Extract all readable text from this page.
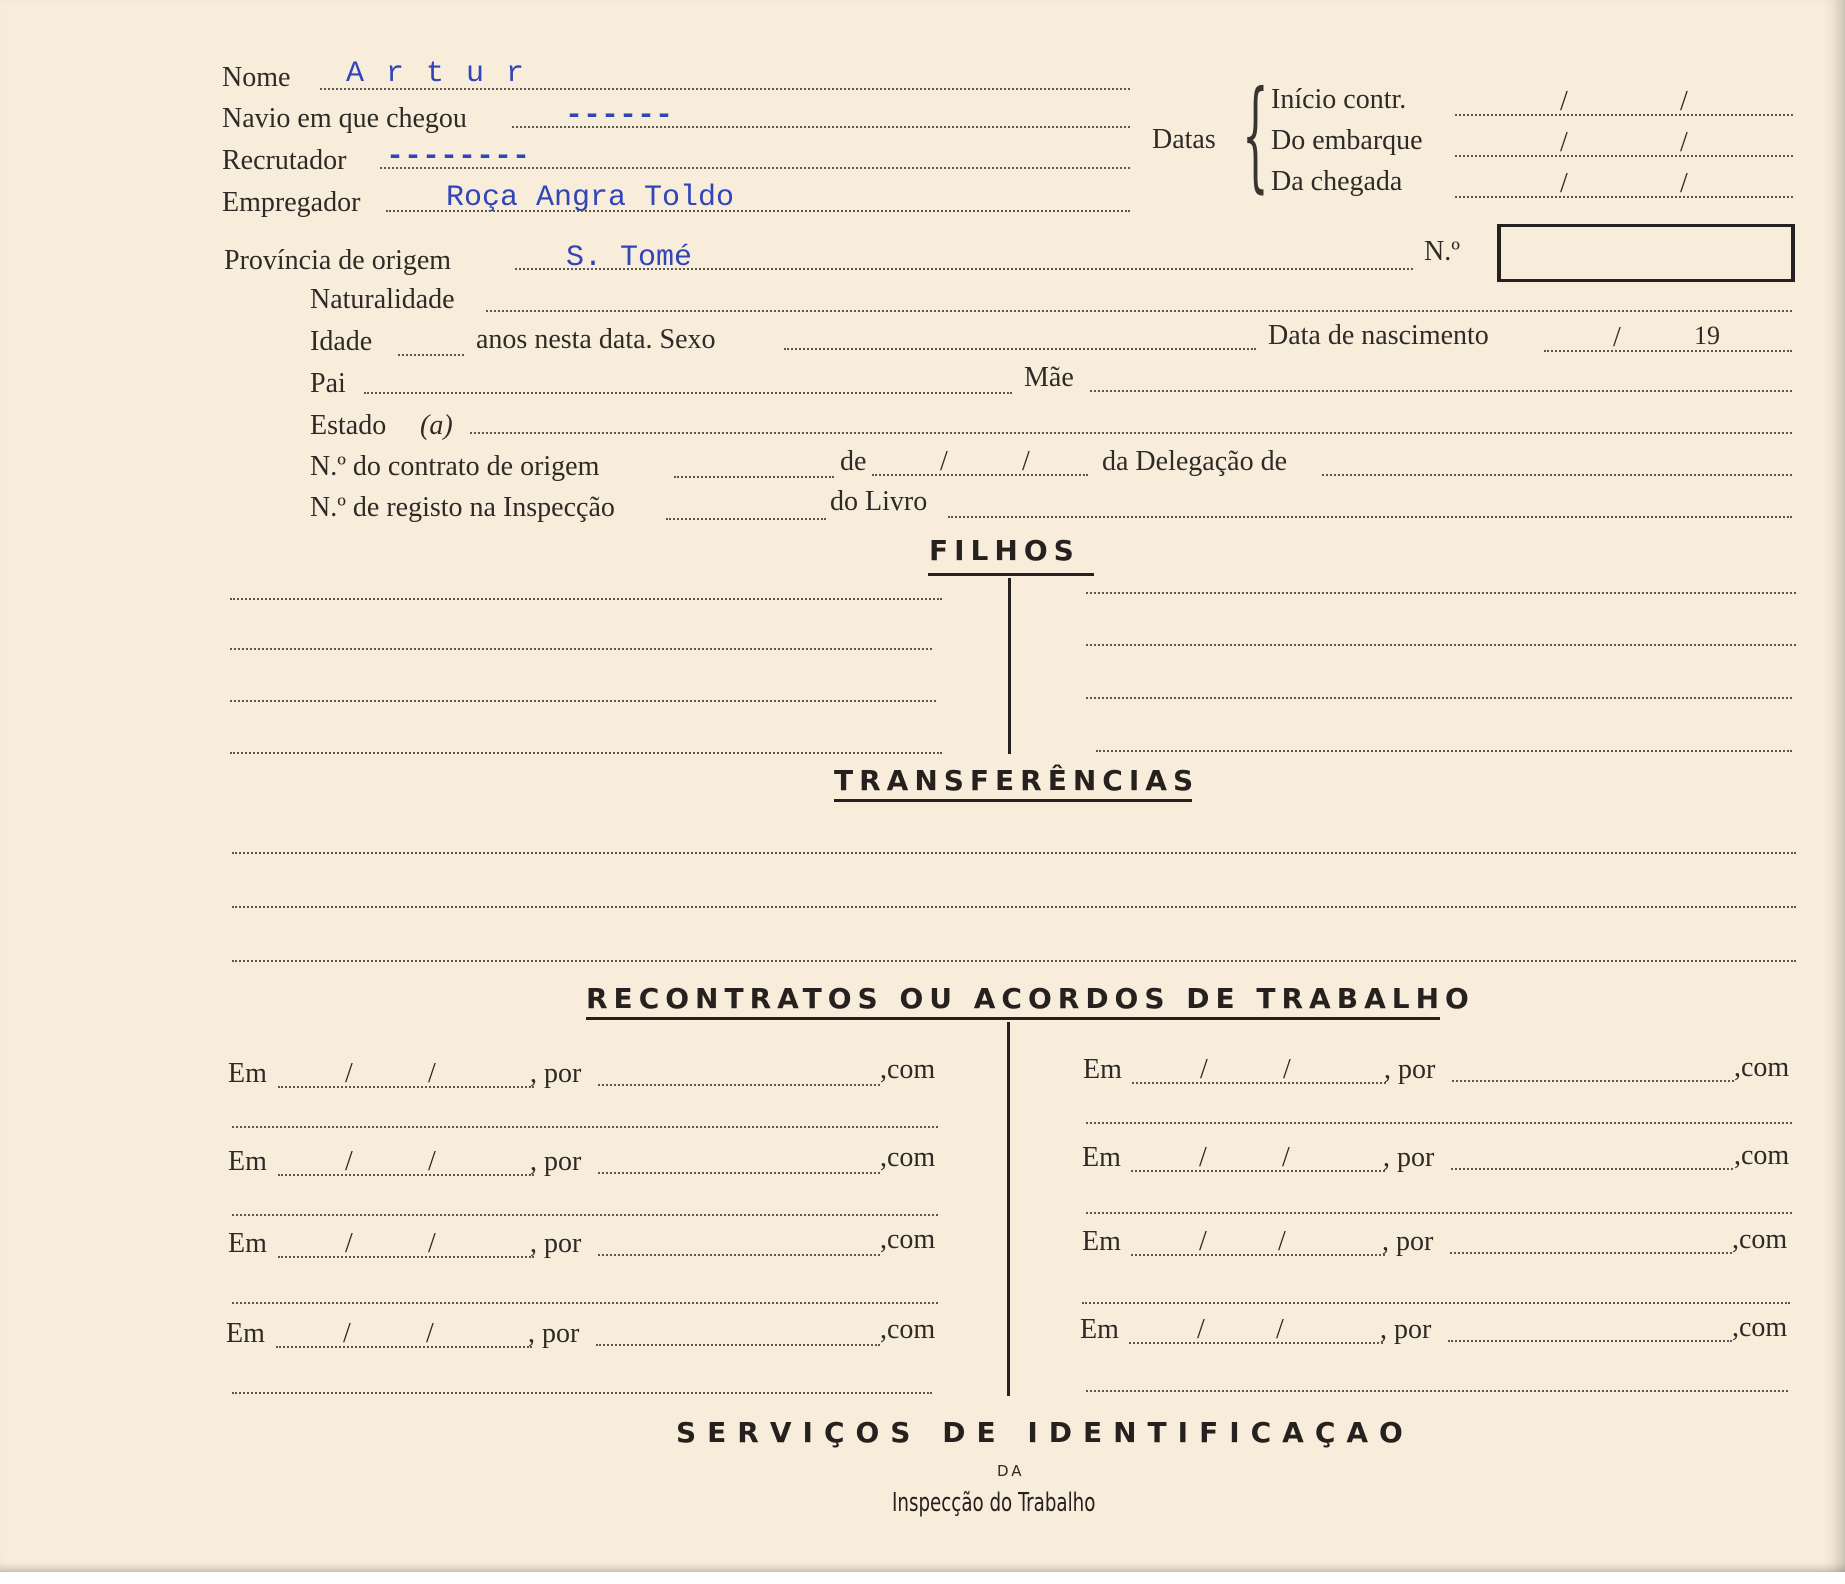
Nome A r t u r
Navio em que chegou	------
Recrutador --------
Empregador	Roça Angra Toldo
Datas { Início contr.	/	/
Do embarque	/	/
Da chegada	/	/
Província de origem	S. Tomé	N.º
Naturalidade
Idade	anos nesta data. Sexo	Data de nascimento	/	19
Pai	Mãe
Estado (a)
N.º do contrato de origem	de	/	/	da Delegação de
N.º de registo na Inspecção	do Livro
FILHOS
TRANSFERÊNCIAS
RECONTRATOS OU ACORDOS DE TRABALHO
Em	/	/	, por	,com
Em	/	/	, por	,com
Em	/	/	, por	,com
Em	/	/	, por	,com
Em	/	/	, por	,com
Em	/	/	, por	,com
Em	/	/	, por	,com
Em	/	/	, por	,com
SERVIÇOS DE IDENTIFICAÇAO
DA
Inspecção do Trabalho
